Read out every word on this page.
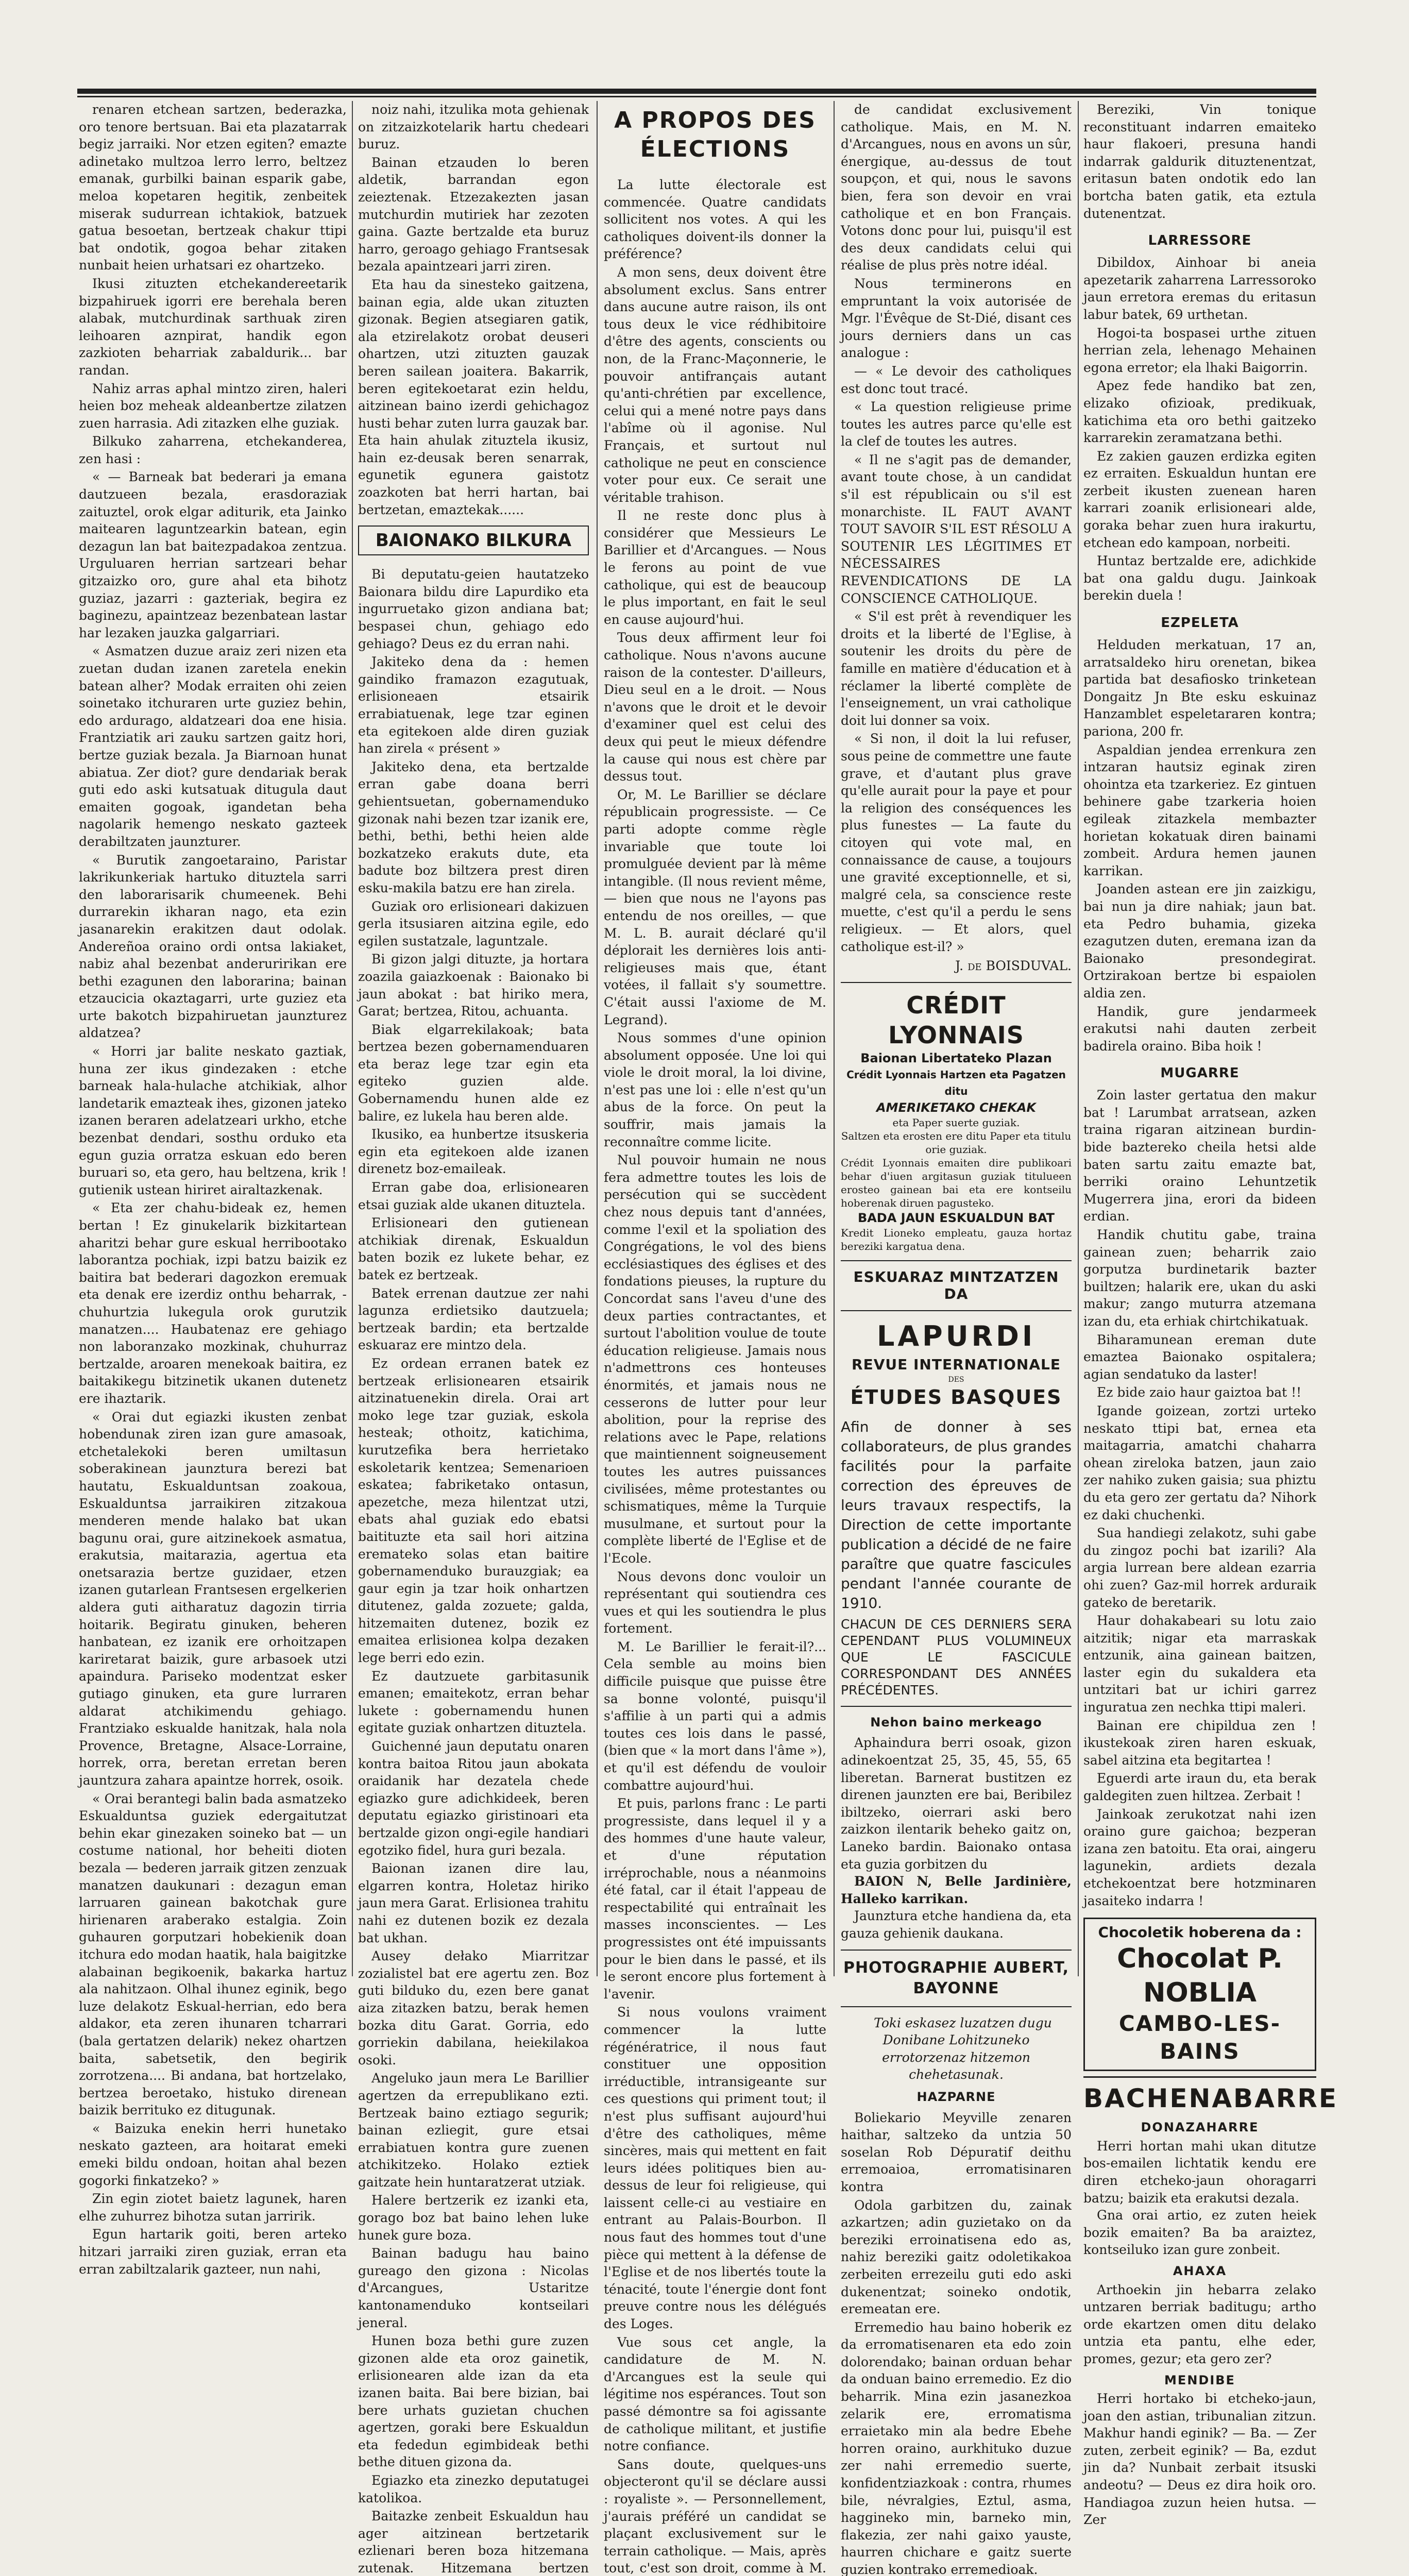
renaren etchean sartzen, bederazka, oro tenore bertsuan. Bai eta plazatarrak begiz jarraiki. Nor etzen egiten? emazte adinetako multzoa lerro lerro, beltzez emanak, gurbilki bainan esparik gabe, meloa kopetaren hegitik, zenbeitek miserak sudurrean ichtakiok, batzuek gatua besoetan, bertzeak chakur ttipi bat ondotik, gogoa behar zitaken nunbait heien urhatsari ez ohartzeko.

Ikusi zituzten etchekandereetarik bizpahiruek igorri ere berehala beren alabak, mutchurdinak sarthuak ziren leihoaren aznpirat, handik egon zazkioten beharriak zabaldurik... bar randan.

Nahiz arras aphal mintzo ziren, haleri heien boz meheak aldeanbertze zilatzen zuen harrasia. Adi zitazken elhe guziak.

Bilkuko zaharrena, etchekanderea, zen hasi :

« — Barneak bat bederari ja emana dautzueen bezala, erasdoraziak zaituztel, orok elgar aditurik, eta Jainko maitearen laguntzearkin batean, egin dezagun lan bat baitezpadakoa zentzua. Urguluaren herrian sartzeari behar gitzaizko oro, gure ahal eta bihotz guziaz, jazarri : gazteriak, begira ez baginezu, apaintzeaz bezenbatean lastar har lezaken jauzka galgarriari.

« Asmatzen duzue araiz zeri nizen eta zuetan dudan izanen zaretela enekin batean alher? Modak erraiten ohi zeien soinetako itchuraren urte guziez behin, edo ardurago, aldatzeari doa ene hisia. Frantziatik ari zauku sartzen gaitz hori, bertze guziak bezala. Ja Biarnoan hunat abiatua. Zer diot? gure dendariak berak guti edo aski kutsatuak ditugula daut emaiten gogoak, igandetan beha nagolarik hemengo neskato gazteek derabiltzaten jaunzturer.

« Burutik zangoetaraino, Paristar lakrikunkeriak hartuko dituztela sarri den laborarisarik chumeenek. Behi durrarekin ikharan nago, eta ezin jasanarekin erakitzen daut odolak. Andereñoa oraino ordi ontsa lakiaket, nabiz ahal bezenbat anderuririkan ere bethi ezagunen den laborarina; bainan etzaucicia okaztagarri, urte guziez eta urte bakotch bizpahiruetan jaunzturez aldatzea?

« Horri jar balite neskato gaztiak, huna zer ikus gindezaken : etche barneak hala-hulache atchikiak, alhor landetarik emazteak ihes, gizonen jateko izanen beraren adelatzeari urkho, etche bezenbat dendari, sosthu orduko eta egun guzia orratza eskuan edo beren buruari so, eta gero, hau beltzena, krik ! gutienik ustean hiriret airaltazkenak.

« Eta zer chahu-bideak ez, hemen bertan ! Ez ginukelarik bizkitartean aharitzi behar gure eskual herribootako laborantza pochiak, izpi batzu baizik ez baitira bat bederari dagozkon eremuak eta denak ere izerdiz onthu beharrak, -chuhurtzia lukegula orok gurutzik manatzen.... Haubatenaz ere gehiago non laboranzako mozkinak, chuhurraz bertzalde, aroaren menekoak baitira, ez baitakikegu bitzinetik ukanen dutenetz ere ihaztarik.

« Orai dut egiazki ikusten zenbat hobendunak ziren izan gure amasoak, etchetalekoki beren umiltasun soberakinean jaunztura berezi bat hautatu, Eskualduntsan zoakoua, Eskualduntsa jarraikiren zitzakoua menderen mende halako bat ukan bagunu orai, gure aitzinekoek asmatua, erakutsia, maitarazia, agertua eta onetsarazia bertze guzidaer, etzen izanen gutarlean Frantsesen ergelkerien aldera guti aitharatuz dagozin tirria hoitarik. Begiratu ginuken, beheren hanbatean, ez izanik ere orhoitzapen kariretarat baizik, gure arbasoek utzi apaindura. Pariseko modentzat esker gutiago ginuken, eta gure lurraren aldarat atchikimendu gehiago. Frantziako eskualde hanitzak, hala nola Provence, Bretagne, Alsace-Lorraine, horrek, orra, beretan erretan beren jauntzura zahara apaintze horrek, osoik.

« Orai berantegi balin bada asmatzeko Eskualduntsa guziek edergaitutzat behin ekar ginezaken soineko bat — un costume national, hor beheiti dioten bezala — bederen jarraik gitzen zenzuak manatzen daukunari : dezagun eman larruaren gainean bakotchak gure hirienaren araberako estalgia. Zoin guhauren gorputzari hobekienik doan itchura edo modan haatik, hala baigitzke alabainan begikoenik, bakarka hartuz ala nahitzaon. Olhal ihunez eginik, bego luze delakotz Eskual-herrian, edo bera aldakor, eta zeren ihunaren tcharrari (bala gertatzen delarik) nekez ohartzen baita, sabetsetik, den begirik zorrotzena.... Bi andana, bat hortzelako, bertzea beroetako, histuko direnean baizik berrituko ez ditugunak.

« Baizuka enekin herri hunetako neskato gazteen, ara hoitarat emeki emeki bildu ondoan, hoitan ahal bezen gogorki finkatzeko? »

Zin egin ziotet baietz lagunek, haren elhe zuhurrez bihotza sutan jarririk.

Egun hartarik goiti, beren arteko hitzari jarraiki ziren guziak, erran eta erran zabiltzalarik gazteer, nun nahi,

noiz nahi, itzulika mota gehienak on zitzaizkotelarik hartu chedeari buruz.

Bainan etzauden lo beren aldetik, barrandan egon zeieztenak. Etzezakezten jasan mutchurdin mutiriek har zezoten gaina. Gazte bertzalde eta buruz harro, geroago gehiago Frantsesak bezala apaintzeari jarri ziren.

Eta hau da sinesteko gaitzena, bainan egia, alde ukan zituzten gizonak. Begien atsegiaren gatik, ala etzirelakotz orobat deuseri ohartzen, utzi zituzten gauzak beren sailean joaitera. Bakarrik, beren egitekoetarat ezin heldu, aitzinean baino izerdi gehichagoz husti behar zuten lurra gauzak bar. Eta hain ahulak zituztela ikusiz, hain ez-deusak beren senarrak, egunetik egunera gaistotz zoazkoten bat herri hartan, bai bertzetan, emaztekak......

BAIONAKO BILKURA

Bi deputatu-geien hautatzeko Baionara bildu dire Lapurdiko eta ingurruetako gizon andiana bat; bespasei chun, gehiago edo gehiago? Deus ez du erran nahi.

Jakiteko dena da : hemen gaindiko framazon ezagutuak, erlisioneaen etsairik errabiatuenak, lege tzar eginen eta egitekoen alde diren guziak han zirela « présent »

Jakiteko dena, eta bertzalde erran gabe doana berri gehientsuetan, gobernamenduko gizonak nahi bezen tzar izanik ere, bethi, bethi, bethi heien alde bozkatzeko erakuts dute, eta badute boz biltzera prest diren esku-makila batzu ere han zirela.

Guziak oro erlisioneari dakizuen gerla itsusiaren aitzina egile, edo egilen sustatzale, laguntzale.

Bi gizon jalgi dituzte, ja hortara zoazila gaiazkoenak : Baionako bi jaun abokat : bat hiriko mera, Garat; bertzea, Ritou, achuanta.

Biak elgarrekilakoak; bata bertzea bezen gobernamenduaren eta beraz lege tzar egin eta egiteko guzien alde. Gobernamendu hunen alde ez balire, ez lukela hau beren alde.

Ikusiko, ea hunbertze itsuskeria egin eta egitekoen alde izanen direnetz boz-emaileak.

Erran gabe doa, erlisionearen etsai guziak alde ukanen dituztela.

Erlisioneari den gutienean atchikiak direnak, Eskualdun baten bozik ez lukete behar, ez batek ez bertzeak.

Batek errenan dautzue zer nahi lagunza erdietsiko dautzuela; bertzeak bardin; eta bertzalde eskuaraz ere mintzo dela.

Ez ordean erranen batek ez bertzeak erlisionearen etsairik aitzinatuenekin direla. Orai art moko lege tzar guziak, eskola hesteak; othoitz, katichima, kurutzefika bera herrietako eskoletarik kentzea; Semenarioen eskatea; fabriketako ontasun, apezetche, meza hilentzat utzi, ebats ahal guziak edo ebatsi baitituzte eta sail hori aitzina eremateko solas etan baitire gobernamenduko burauzgiak; ea gaur egin ja tzar hoik onhartzen ditutenez, galda zozuete; galda, hitzemaiten dutenez, bozik ez emaitea erlisionea kolpa dezaken lege berri edo ezin.

Ez dautzuete garbitasunik emanen; emaitekotz, erran behar lukete : gobernamendu hunen egitate guziak onhartzen dituztela.

Guichenné jaun deputatu onaren kontra baitoa Ritou jaun abokata oraidanik har dezatela chede egiazko gure adichkideek, beren deputatu egiazko giristinoari eta bertzalde gizon ongi-egile handiari egotziko fidel, hura guri bezala.

Baionan izanen dire lau, elgarren kontra, Holetaz hiriko jaun mera Garat. Erlisionea trahitu nahi ez dutenen bozik ez dezala bat ukhan.

Ausey dełako Miarritzar zozialistel bat ere agertu zen. Boz guti bilduko du, ezen bere ganat aiza zitazken batzu, berak hemen bozka ditu Garat. Gorria, edo gorriekin dabilana, heiekilakoa osoki.

Angeluko jaun mera Le Barillier agertzen da errepublikano ezti. Bertzeak baino eztiago segurik; bainan ezliegit, gure etsai errabiatuen kontra gure zuenen atchikitzeko. Holako eztiek gaitzate hein huntaratzerat utziak.

Halere bertzerik ez izanki eta, gorago boz bat baino lehen luke hunek gure boza.

Bainan badugu hau baino gureago den gizona : Nicolas d'Arcangues, Ustaritze kantonamenduko kontseilari jeneral.

Hunen boza bethi gure zuzen gizonen alde eta oroz gainetik, erlisionearen alde izan da eta izanen baita. Bai bere bizian, bai bere urhats guzietan chuchen agertzen, goraki bere Eskualdun eta fededun egimbideak bethi bethe dituen gizona da.

Egiazko eta zinezko deputatugei katolikoa.

Baitazke zenbeit Eskualdun hau ager aitzinean bertzetarik ezlienari beren boza hitzemana zutenak. Hitzemana bertzen

A PROPOS DES ÉLECTIONS

La lutte électorale est commencée. Quatre candidats sollicitent nos votes. A qui les catholiques doivent-ils donner la préférence?

A mon sens, deux doivent être absolument exclus. Sans entrer dans aucune autre raison, ils ont tous deux le vice rédhibitoire d'être des agents, conscients ou non, de la Franc-Maçonnerie, le pouvoir antifrançais autant qu'anti-chrétien par excellence, celui qui a mené notre pays dans l'abîme où il agonise. Nul Français, et surtout nul catholique ne peut en conscience voter pour eux. Ce serait une véritable trahison.

Il ne reste donc plus à considérer que Messieurs Le Barillier et d'Arcangues. — Nous le ferons au point de vue catholique, qui est de beaucoup le plus important, en fait le seul en cause aujourd'hui.

Tous deux affirment leur foi catholique. Nous n'avons aucune raison de la contester. D'ailleurs, Dieu seul en a le droit. — Nous n'avons que le droit et le devoir d'examiner quel est celui des deux qui peut le mieux défendre la cause qui nous est chère par dessus tout.

Or, M. Le Barillier se déclare républicain progressiste. — Ce parti adopte comme règle invariable que toute loi promulguée devient par là même intangible. (Il nous revient même, — bien que nous ne l'ayons pas entendu de nos oreilles, — que M. L. B. aurait déclaré qu'il déplorait les dernières lois anti-religieuses mais que, étant votées, il fallait s'y soumettre. C'était aussi l'axiome de M. Legrand).

Nous sommes d'une opinion absolument opposée. Une loi qui viole le droit moral, la loi divine, n'est pas une loi : elle n'est qu'un abus de la force. On peut la souffrir, mais jamais la reconnaître comme licite.

Nul pouvoir humain ne nous fera admettre toutes les lois de persécution qui se succèdent chez nous depuis tant d'années, comme l'exil et la spoliation des Congrégations, le vol des biens ecclésiastiques des églises et des fondations pieuses, la rupture du Concordat sans l'aveu d'une des deux parties contractantes, et surtout l'abolition voulue de toute éducation religieuse. Jamais nous n'admettrons ces honteuses énormités, et jamais nous ne cesserons de lutter pour leur abolition, pour la reprise des relations avec le Pape, relations que maintiennent soigneusement toutes les autres puissances civilisées, même protestantes ou schismatiques, même la Turquie musulmane, et surtout pour la complète liberté de l'Eglise et de l'Ecole.

Nous devons donc vouloir un représentant qui soutiendra ces vues et qui les soutiendra le plus fortement.

M. Le Barillier le ferait-il?... Cela semble au moins bien difficile puisque que puisse être sa bonne volonté, puisqu'il s'affilie à un parti qui a admis toutes ces lois dans le passé, (bien que « la mort dans l'âme »), et qu'il est défendu de vouloir combattre aujourd'hui.

Et puis, parlons franc : Le parti progressiste, dans lequel il y a des hommes d'une haute valeur, et d'une réputation irréprochable, nous a néanmoins été fatal, car il était l'appeau de respectabilité qui entraînait les masses inconscientes. — Les progressistes ont été impuissants pour le bien dans le passé, et ils le seront encore plus fortement à l'avenir.

Si nous voulons vraiment commencer la lutte régénératrice, il nous faut constituer une opposition irréductible, intransigeante sur ces questions qui priment tout; il n'est plus suffisant aujourd'hui d'être des catholiques, même sincères, mais qui mettent en fait leurs idées politiques bien au-dessus de leur foi religieuse, qui laissent celle-ci au vestiaire en entrant au Palais-Bourbon. Il nous faut des hommes tout d'une pièce qui mettent à la défense de l'Eglise et de nos libertés toute la ténacité, toute l'énergie dont font preuve contre nous les délégués des Loges.

Vue sous cet angle, la candidature de M. N. d'Arcangues est la seule qui légitime nos espérances. Tout son passé démontre sa foi agissante de catholique militant, et justifie notre confiance.

Sans doute, quelques-uns objecteront qu'il se déclare aussi : royaliste ». — Personnellement, j'aurais préféré un candidat se plaçant exclusivement sur le terrain catholique. — Mais, après tout, c'est son droit, comme à M.

de candidat exclusivement catholique. Mais, en M. N. d'Arcangues, nous en avons un sûr, énergique, au-dessus de tout soupçon, et qui, nous le savons bien, fera son devoir en vrai catholique et en bon Français. Votons donc pour lui, puisqu'il est des deux candidats celui qui réalise de plus près notre idéal.

Nous terminerons en empruntant la voix autorisée de Mgr. l'Évêque de St-Dié, disant ces jours derniers dans un cas analogue :

— « Le devoir des catholiques est donc tout tracé.

« La question religieuse prime toutes les autres parce qu'elle est la clef de toutes les autres.

« Il ne s'agit pas de demander, avant toute chose, à un candidat s'il est républicain ou s'il est monarchiste. IL FAUT AVANT TOUT SAVOIR S'IL EST RÉSOLU A SOUTENIR LES LÉGITIMES ET NÉCESSAIRES REVENDICATIONS DE LA CONSCIENCE CATHOLIQUE.

« S'il est prêt à revendiquer les droits et la liberté de l'Eglise, à soutenir les droits du père de famille en matière d'éducation et à réclamer la liberté complète de l'enseignement, un vrai catholique doit lui donner sa voix.

« Si non, il doit la lui refuser, sous peine de commettre une faute grave, et d'autant plus grave qu'elle aurait pour la paye et pour la religion des conséquences les plus funestes — La faute du citoyen qui vote mal, en connaissance de cause, a toujours une gravité exceptionnelle, et si, malgré cela, sa conscience reste muette, c'est qu'il a perdu le sens religieux. — Et alors, quel catholique est-il? »

J. de BOISDUVAL.
CRÉDIT LYONNAIS
Baionan Libertateko Plazan
Crédit Lyonnais Hartzen eta Pagatzen ditu
AMERIKETAKO CHEKAK
eta Paper suerte guziak.
Saltzen eta erosten ere ditu Paper eta titulu orie guziak.
Crédit Lyonnais emaiten dire publikoari behar d'iuen argitasun guziak titulueen erosteo gainean bai eta ere kontseilu hoberenak diruen pagusteko.
BADA JAUN ESKUALDUN BAT
Kredit Lioneko empleatu, gauza hortaz bereziki kargatua dena.
ESKUARAZ MINTZATZEN DA
LAPURDI
REVUE INTERNATIONALE
DES
ÉTUDES BASQUES
Afin de donner à ses collaborateurs, de plus grandes facilités pour la parfaite correction des épreuves de leurs travaux respectifs, la Direction de cette importante publication a décidé de ne faire paraître que quatre fascicules pendant l'année courante de 1910.
CHACUN DE CES DERNIERS SERA CEPENDANT PLUS VOLUMINEUX QUE LE FASCICULE CORRESPONDANT DES ANNÉES PRÉCÉDENTES.
Nehon baino merkeago

Aphaindura berri osoak, gizon adinekoentzat 25, 35, 45, 55, 65 liberetan. Barnerat bustitzen ez direnen jaunzten ere bai, Beribilez ibiltzeko, oierrari aski bero zaizkon ilentarik beheko gaitz on, Laneko bardin. Baionako ontasa eta guzia gorbitzen du

BAION N, Belle Jardinière, Halleko karrikan.

Jaunztura etche handiena da, eta gauza gehienik daukana.

PHOTOGRAPHIE AUBERT, BAYONNE

Toki eskasez luzatzen dugu Donibane Lohitzuneko errotorzenaz hitzemon chehetasunak.

HAZPARNE

Boliekario Meyville zenaren haithar, saltzeko da untzia 50 soselan Rob Dépuratif deithu erremoaioa, erromatisinaren kontra

Odola garbitzen du, zainak azkartzen; adin guzietako on da bereziki erroinatisena edo as, nahiz bereziki gaitz odoletikakoa zerbeiten errezeilu guti edo aski dukenentzat; soineko ondotik, eremeatan ere.

Erremedio hau baino hoberik ez da erromatisenaren eta edo zoin dolorendako; bainan orduan behar da onduan baino erremedio. Ez dio beharrik. Mina ezin jasanezkoa zelarik ere, erromatisma erraietako min ala bedre Ebehe horren oraino, aurkhituko duzue zer nahi erremedio suerte, konfidentziazkoak : contra, rhumes bile, névralgies, Eztul, asma, haggineko min, barneko min, flakezia, zer nahi gaixo yauste, haurren chichare e gaitz suerte guzien kontrako erremedioak.

Bereziki, Vin tonique reconstituant indarren emaiteko haur flakoeri, presuna handi indarrak galdurik dituztenentzat, eritasun baten ondotik edo lan bortcha baten gatik, eta eztula dutenentzat.

LARRESSORE

Dibildox, Ainhoar bi aneia apezetarik zaharrena Larressoroko jaun erretora eremas du eritasun labur batek, 69 urthetan.

Hogoi-ta bospasei urthe zituen herrian zela, lehenago Mehainen egona erretor; ela lhaki Baigorrin.

Apez fede handiko bat zen, elizako ofizioak, predikuak, katichima eta oro bethi gaitzeko karrarekin zeramatzana bethi.

Ez zakien gauzen erdizka egiten ez erraiten. Eskualdun huntan ere zerbeit ikusten zuenean haren karrari zoanik erlisioneari alde, goraka behar zuen hura irakurtu, etchean edo kampoan, norbeiti.

Huntaz bertzalde ere, adichkide bat ona galdu dugu. Jainkoak berekin duela !

EZPELETA

Helduden merkatuan, 17 an, arratsaldeko hiru orenetan, bikea partida bat desafiosko trinketean Dongaitz Jn Bte esku eskuinaz Hanzamblet espeletararen kontra; pariona, 200 fr.

Aspaldian jendea errenkura zen intzaran hautsiz eginak ziren ohointza eta tzarkeriez. Ez gintuen behinere gabe tzarkeria hoien egileak zitazkela membazter horietan kokatuak diren bainami zombeit. Ardura hemen jaunen karrikan.

Joanden astean ere jin zaizkigu, bai nun ja dire nahiak; jaun bat. eta Pedro buhamia, gizeka ezagutzen duten, eremana izan da Baionako presondegirat. Ortzirakoan bertze bi espaiolen aldia zen.

Handik, gure jendarmeek erakutsi nahi dauten zerbeit badirela oraino. Biba hoik !

MUGARRE

Zoin laster gertatua den makur bat ! Larumbat arratsean, azken traina rigaran aitzinean burdin-bide baztereko cheila hetsi alde baten sartu zaitu emazte bat, berriki oraino Lehuntzetik Mugerrera jina, erori da bideen erdian.

Handik chutitu gabe, traina gainean zuen; beharrik zaio gorputza burdinetarik bazter builtzen; halarik ere, ukan du aski makur; zango muturra atzemana izan du, eta erhiak chirtchikatuak.

Biharamunean ereman dute emaztea Baionako ospitalera; agian sendatuko da laster!

Ez bide zaio haur gaiztoa bat !!

Igande goizean, zortzi urteko neskato ttipi bat, ernea eta maitagarria, amatchi chaharra ohean zireloka batzen, jaun zaio zer nahiko zuken gaisia; sua phiztu du eta gero zer gertatu da? Nihork ez daki chuchenki.

Sua handiegi zelakotz, suhi gabe du zingoz pochi bat izarili? Ala argia lurrean bere aldean ezarria ohi zuen? Gaz-mil horrek arduraik gateko de beretarik.

Haur dohakabeari su lotu zaio aitzitik; nigar eta marraskak entzunik, aina gainean baitzen, laster egin du sukaldera eta untzitari bat ur ichiri garrez inguratua zen nechka ttipi maleri.

Bainan ere chipildua zen ! ikustekoak ziren haren eskuak, sabel aitzina eta begitartea !

Eguerdi arte iraun du, eta berak galdegiten zuen hiltzea. Zerbait !

Jainkoak zerukotzat nahi izen oraino gure gaichoa; bezperan izana zen batoitu. Eta orai, aingeru lagunekin, ardiets dezala etchekoentzat bere hotzminaren jasaiteko indarra !

Chocoletik hoberena da :
Chocolat P. NOBLIA
CAMBO-LES-BAINS
BACHENABARRE
DONAZAHARRE

Herri hortan mahi ukan ditutze bos-emailen lichtatik kendu ere diren etcheko-jaun ohoragarri batzu; baizik eta erakutsi dezala.

Gna orai artio, ez zuten heiek bozik emaiten? Ba ba araiztez, kontseiluko izan gure zonbeit.

AHAXA

Arthoekin jin hebarra zelako untzaren berriak baditugu; artho orde ekartzen omen ditu delako untzia eta pantu, elhe eder, promes, gezur; eta gero zer?

MENDIBE

Herri hortako bi etcheko-jaun, joan den astian, tribunalian zitzun. Makhur handi eginik? — Ba. — Zer zuten, zerbeit eginik? — Ba, ezdut jin da? Nunbait zerbait itsuski andeotu? — Deus ez dira hoik oro. Handiagoa zuzun heien hutsa. — Zer
